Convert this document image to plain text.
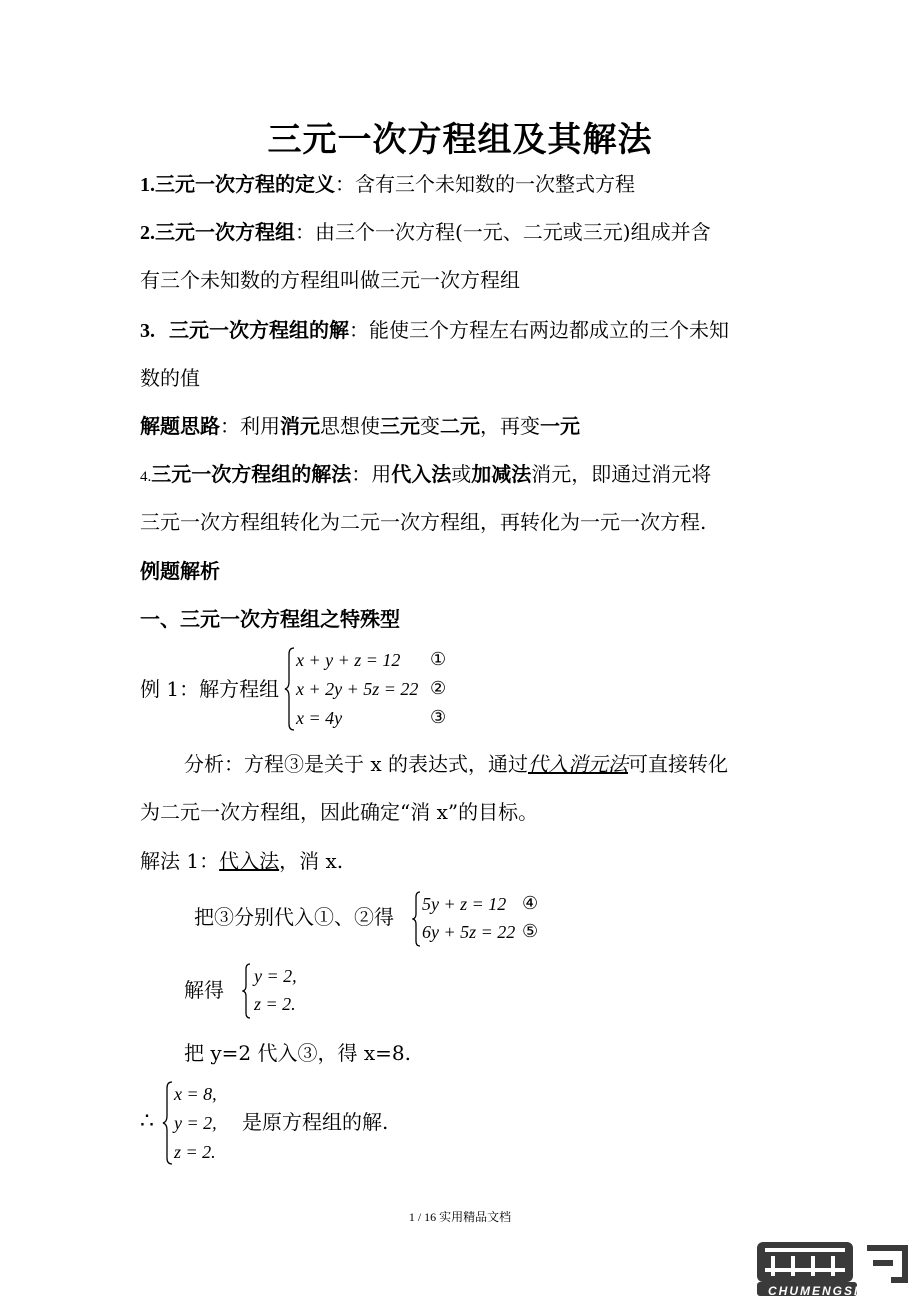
三元一次方程组及其解法
1.三元一次方程的定义：含有三个未知数的一次整式方程
2.三元一次方程组：由三个一次方程(一元、二元或三元)组成并含
有三个未知数的方程组叫做三元一次方程组
3. 三元一次方程组的解：能使三个方程左右两边都成立的三个未知
数的值
解题思路：利用消元思想使三元变二元，再变一元
4.三元一次方程组的解法：用代入法或加减法消元，即通过消元将
三元一次方程组转化为二元一次方程组，再转化为一元一次方程.
例题解析
一、三元一次方程组之特殊型
例 1：解方程组
x + y + z = 12
x + 2y + 5z = 22
x = 4y
①
②
③
分析：方程③是关于 x 的表达式，通过代入消元法可直接转化
为二元一次方程组，因此确定“消 x”的目标。
解法 1：代入法，消 x.
把③分别代入①、②得
5y + z = 12
6y + 5z = 22
④
⑤
解得
y = 2,
z = 2.
把 y=2 代入③，得 x=8.
∴
x = 8,
y = 2,
z = 2.
是原方程组的解.
1 / 16 实用精品文档
CHUMENGSI
